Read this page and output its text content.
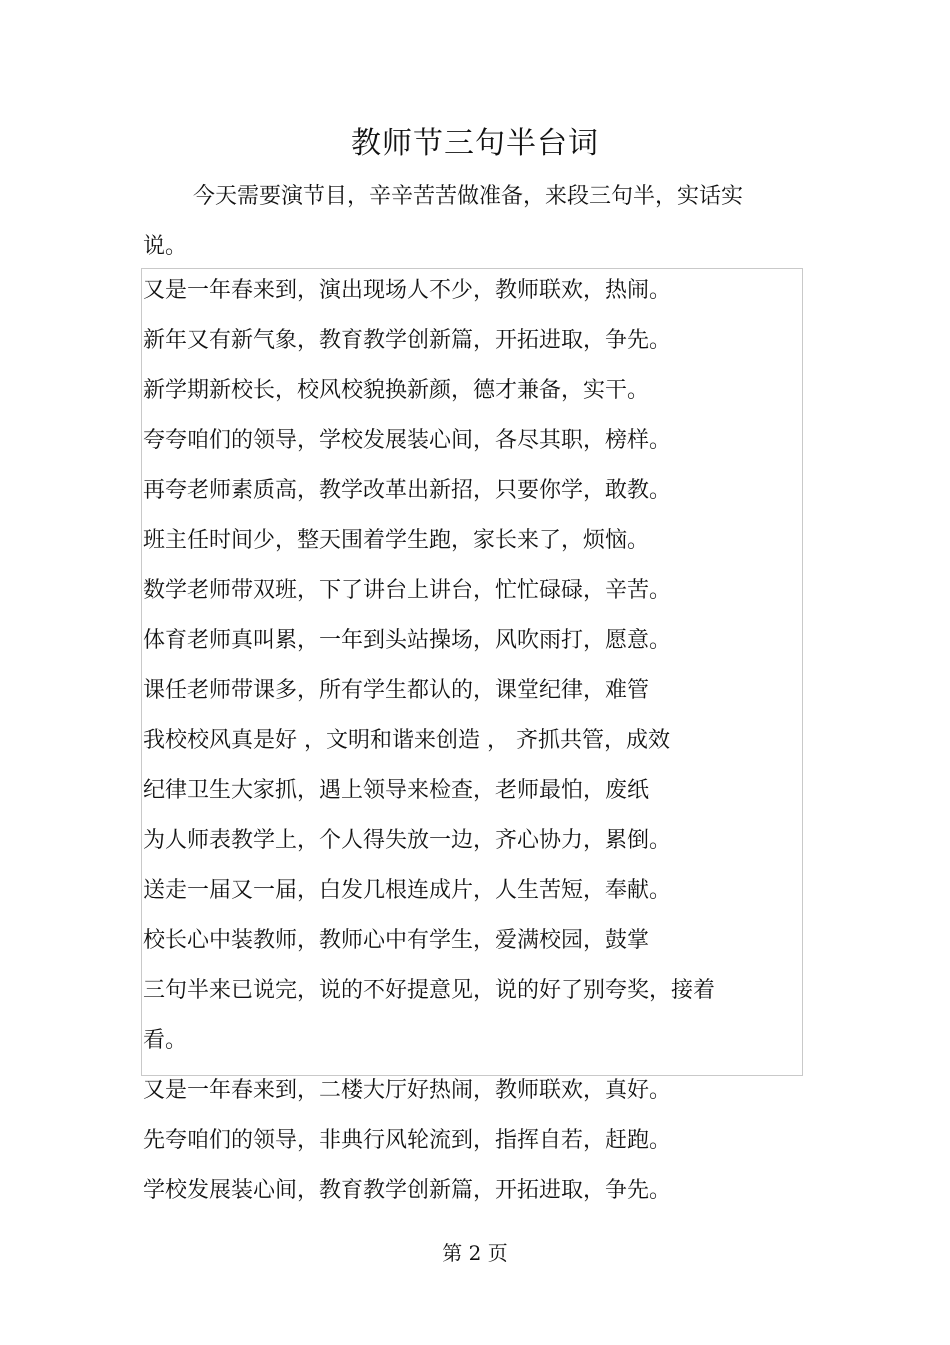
教师节三句半台词

今天需要演节目，辛辛苦苦做准备，来段三句半，实话实说。

又是一年春来到，演出现场人不少，教师联欢，热闹。
新年又有新气象，教育教学创新篇，开拓进取，争先。
新学期新校长，校风校貌换新颜，德才兼备，实干。
夸夸咱们的领导，学校发展装心间，各尽其职，榜样。
再夸老师素质高，教学改革出新招，只要你学，敢教。
班主任时间少，整天围着学生跑，家长来了，烦恼。
数学老师带双班，下了讲台上讲台，忙忙碌碌，辛苦。
体育老师真叫累，一年到头站操场，风吹雨打，愿意。
课任老师带课多，所有学生都认的，课堂纪律，难管
我校校风真是好 ，文明和谐来创造 ， 齐抓共管，成效
纪律卫生大家抓，遇上领导来检查，老师最怕，废纸
为人师表教学上，个人得失放一边，齐心协力，累倒。
送走一届又一届，白发几根连成片，人生苦短，奉献。
校长心中装教师，教师心中有学生，爱满校园，鼓掌
三句半来已说完，说的不好提意见，说的好了别夸奖，接着
看。
又是一年春来到，二楼大厅好热闹，教师联欢，真好。
先夸咱们的领导，非典行风轮流到，指挥自若，赶跑。
学校发展装心间，教育教学创新篇，开拓进取，争先。
第 2 页
